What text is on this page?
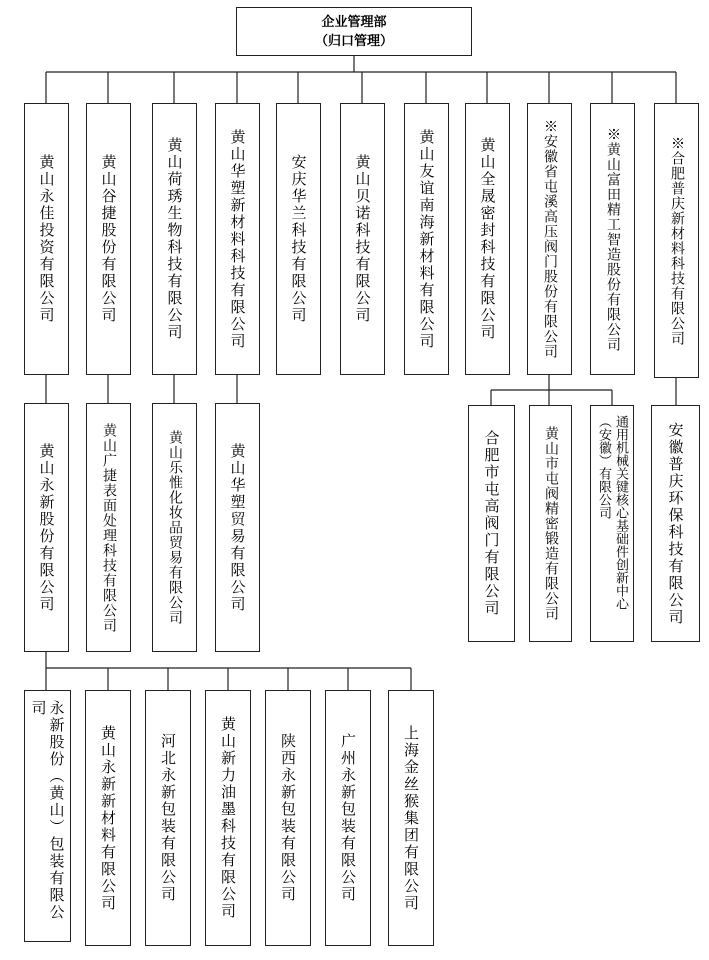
企业管理部
（归口管理）
黄山永佳投资有限公司	黄山谷捷股份有限公司	黄山荷琇生物科技有限公司	黄山华塑新材料科技有限公司	安庆华兰科技有限公司	黄山贝诺科技有限公司	黄山友谊南海新材料有限公司	黄山全晟密封科技有限公司	※安徽省屯溪高压阀门股份有限公司	※黄山富田精工智造股份有限公司	※合肥普庆新材料科技有限公司
黄山永新股份有限公司	黄山广捷表面处理科技有限公司	黄山乐惟化妆品贸易有限公司	黄山华塑贸易有限公司	合肥市屯高阀门有限公司	黄山市屯阀精密锻造有限公司	通用机械关键核心基础件创新中心（安徽）有限公司	安徽普庆环保科技有限公司
永新股份（黄山）包装有限公司
黄山永新新材料有限公司	河北永新包装有限公司	黄山新力油墨科技有限公司	陕西永新包装有限公司	广州永新包装有限公司	上海金丝猴集团有限公司
